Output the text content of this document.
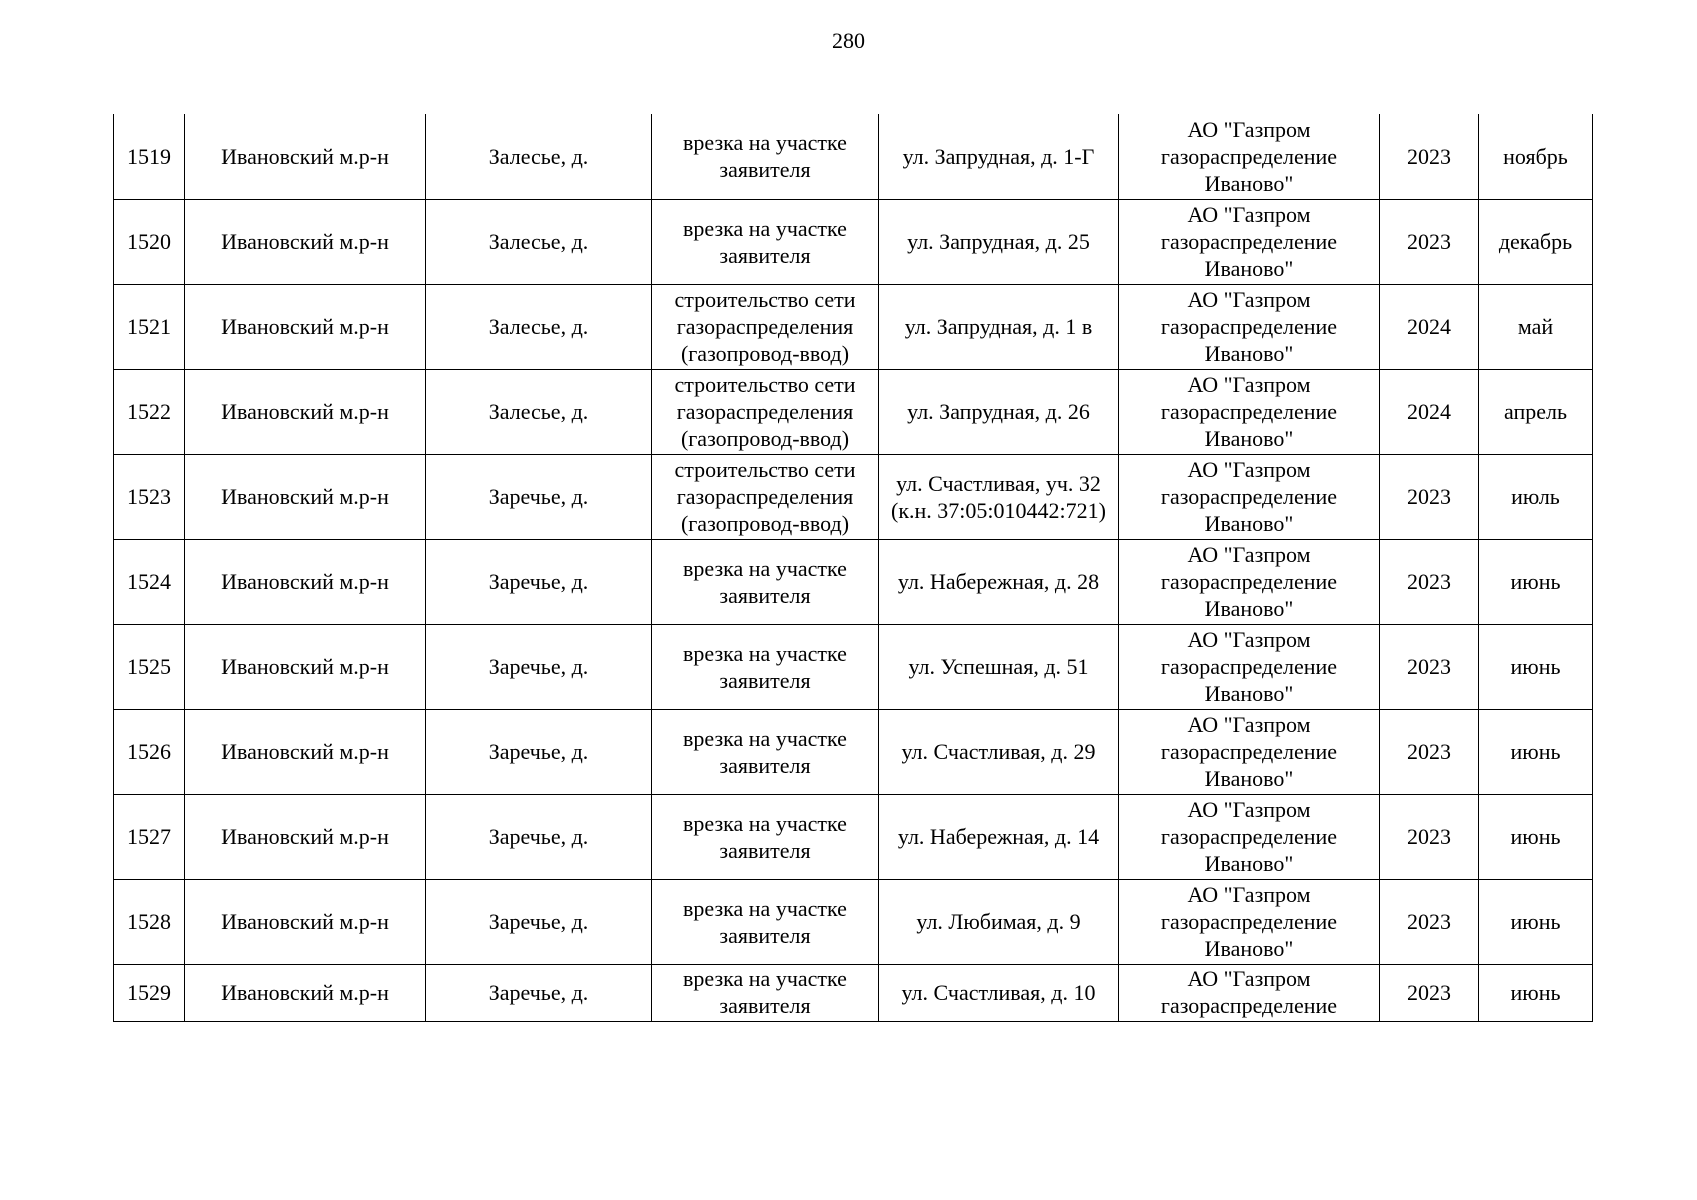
280
1519	Ивановский м.р-н	Залесье, д.	врезка на участке заявителя	ул. Запрудная, д. 1-Г	АО "Газпром газораспределение Иваново"	2023	ноябрь
1520	Ивановский м.р-н	Залесье, д.	врезка на участке заявителя	ул. Запрудная, д. 25	АО "Газпром газораспределение Иваново"	2023	декабрь
1521	Ивановский м.р-н	Залесье, д.	строительство сети газораспределения (газопровод-ввод)	ул. Запрудная, д. 1 в	АО "Газпром газораспределение Иваново"	2024	май
1522	Ивановский м.р-н	Залесье, д.	строительство сети газораспределения (газопровод-ввод)	ул. Запрудная, д. 26	АО "Газпром газораспределение Иваново"	2024	апрель
1523	Ивановский м.р-н	Заречье, д.	строительство сети газораспределения (газопровод-ввод)	ул. Счастливая, уч. 32 (к.н. 37:05:010442:721)	АО "Газпром газораспределение Иваново"	2023	июль
1524	Ивановский м.р-н	Заречье, д.	врезка на участке заявителя	ул. Набережная, д. 28	АО "Газпром газораспределение Иваново"	2023	июнь
1525	Ивановский м.р-н	Заречье, д.	врезка на участке заявителя	ул. Успешная, д. 51	АО "Газпром газораспределение Иваново"	2023	июнь
1526	Ивановский м.р-н	Заречье, д.	врезка на участке заявителя	ул. Счастливая, д. 29	АО "Газпром газораспределение Иваново"	2023	июнь
1527	Ивановский м.р-н	Заречье, д.	врезка на участке заявителя	ул. Набережная, д. 14	АО "Газпром газораспределение Иваново"	2023	июнь
1528	Ивановский м.р-н	Заречье, д.	врезка на участке заявителя	ул. Любимая, д. 9	АО "Газпром газораспределение Иваново"	2023	июнь
1529	Ивановский м.р-н	Заречье, д.	врезка на участке заявителя	ул. Счастливая, д. 10	АО "Газпром газораспределение	2023	июнь
